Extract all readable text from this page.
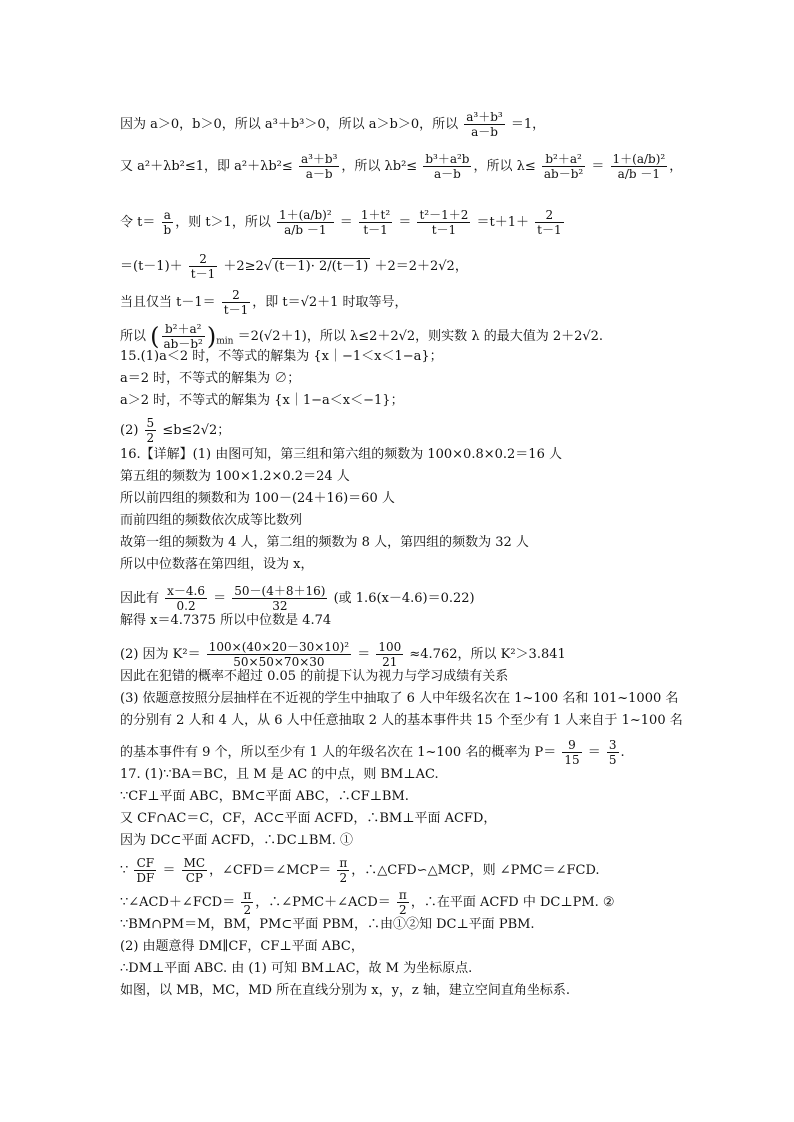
因为 a＞0，b＞0，所以 a³＋b³＞0，所以 a＞b＞0，所以 $\frac{\text{a³＋b³}}{a-b} =1$，
又 a²＋λb²≤1，即 $a^2+\lambda b^2\le \frac{\text{a³＋b³}}{a-b}$ ，所以 $\lambda b^2\le \frac{\text{b³＋a²b}}{a-b}$ ，所以 $\lambda\le \frac{\text{b²＋a²}}{\text{ab－b²}} = \frac{\text{1＋(a/b)²}}{a/b -1}$ ，
令 $t= \frac{a}{b}$ ，则 t＞1，所以 $\frac{\text{1＋(a/b)²}}{a/b -1} = \frac{\text{1＋t²}}{t-1} = \frac{\text{t²－1＋2}}{t-1} =t+1+ \frac{2}{t-1}$
$=(t-1)+ \frac{2}{t-1} +2\ge 2√$ (t－1)· 2/(t－1) ＋2＝2＋2√2，
当且仅当 $t-1= \frac{2}{t-1}$ ，即 t＝√2＋1 时取等号，
所以 ( $\frac{\text{b²＋a²}}{\text{ab－b²}} )_{min} =2(√2+1)$，所以 λ≤2＋2√2，则实数 λ 的最大值为 2＋2√2.
15.(1)a＜2 时，不等式的解集为 {x｜−1＜x＜1−a}；
a＝2 时，不等式的解集为 ∅；
a＞2 时，不等式的解集为 {x｜1−a＜x＜−1}；
$(2) \frac{5}{2} \le b\le 2√2$；
16.【详解】(1) 由图可知，第三组和第六组的频数为 100×0.8×0.2＝16 人
第五组的频数为 100×1.2×0.2＝24 人
所以前四组的频数和为 100－(24＋16)＝60 人
而前四组的频数依次成等比数列
故第一组的频数为 4 人，第二组的频数为 8 人，第四组的频数为 32 人
所以中位数落在第四组，设为 x，
因此有 $\frac{x-4.6}{0.2} = \frac{50-(4+8+16)}{32}$ (或 1.6(x－4.6)＝0.22)
解得 x＝4.7375 所以中位数是 4.74
(2) 因为 $K^2= \frac{\text{100×(40×20－30×10)²}}{50\times 50\times 70\times 30} = \frac{100}{21} \approx 4.762$，所以 K²＞3.841
因此在犯错的概率不超过 0.05 的前提下认为视力与学习成绩有关系
(3) 依题意按照分层抽样在不近视的学生中抽取了 6 人中年级名次在 1~100 名和 101~1000 名
的分别有 2 人和 4 人，从 6 人中任意抽取 2 人的基本事件共 15 个至少有 1 人来自于 1~100 名
的基本事件有 9 个，所以至少有 1 人的年级名次在 1~100 名的概率为 $P= \frac{9}{15} = \frac{3}{5}$ .
17. (1)∵BA＝BC，且 M 是 AC 的中点，则 BM⊥AC.
∵CF⊥平面 ABC，BM⊂平面 ABC，∴CF⊥BM.
又 CF∩AC＝C，CF，AC⊂平面 ACFD，∴BM⊥平面 ACFD，
因为 DC⊂平面 ACFD，∴DC⊥BM. ①
∵ $\frac{CF}{DF} = \frac{MC}{CP}$ ，∠CFD＝∠MCP＝ $\frac{\pi}{2}$ ，∴△CFD∽△MCP，则 ∠PMC＝∠FCD.
∵∠ACD＋∠FCD＝ $\frac{\pi}{2}$ ，∴∠PMC＋∠ACD＝ $\frac{\pi}{2}$ ，∴在平面 ACFD 中 DC⊥PM. ②
∵BM∩PM＝M，BM，PM⊂平面 PBM，∴由①②知 DC⊥平面 PBM.
(2) 由题意得 DM∥CF，CF⊥平面 ABC，
∴DM⊥平面 ABC. 由 (1) 可知 BM⊥AC，故 M 为坐标原点.
如图，以 MB，MC，MD 所在直线分别为 x，y，z 轴，建立空间直角坐标系.
